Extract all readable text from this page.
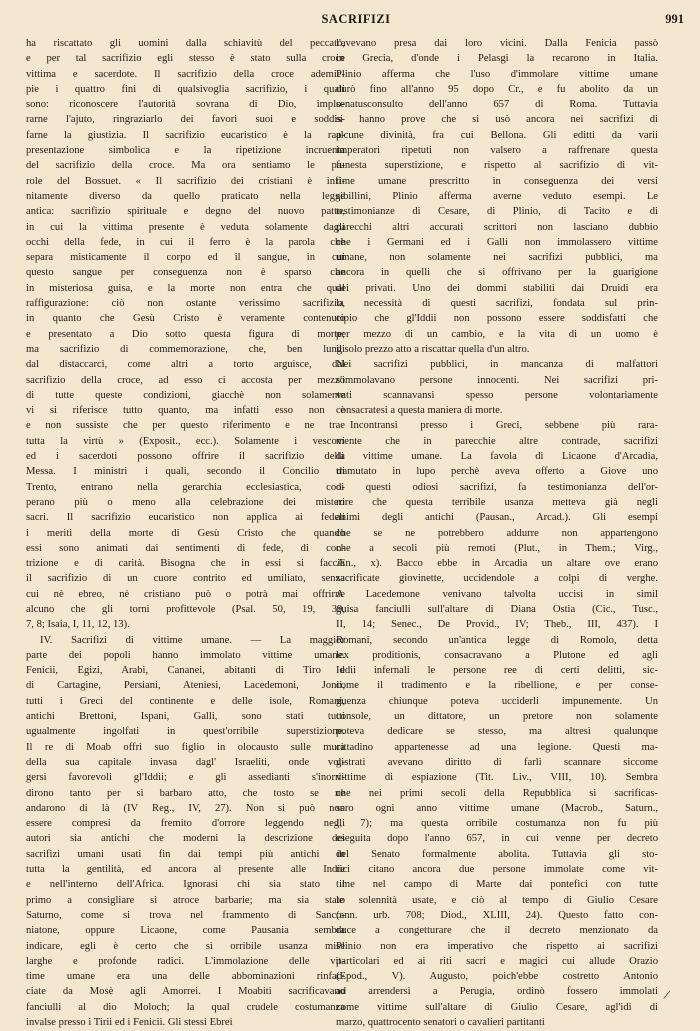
SACRIFIZI	991
ha riscattato gli uomini dalla schiavitù del peccato,
e per tal sacrifizio egli stesso è stato sulla croce
vittima e sacerdote. Il sacrifizio della croce ademie-
pie i quattro fini di qualsivoglia sacrifizio, i quali
sono: riconoscere l'autorità sovrana di Dio, implo-
rarne l'ajuto, ringraziarlo dei favori suoi e soddis-
farne la giustizia. Il sacrifizio eucaristico è la rap-
presentazione simbolica e la ripetizione incruenta
del sacrifizio della croce. Ma ora sentiamo le pa-
role del Bossuet. « Il sacrifizio dei cristiani è infi-
nitamente diverso da quello praticato nella legge
antica: sacrifizio spirituale e degno del nuovo patto,
in cui la vittima presente è veduta solamente dagli
occhi della fede, in cui il ferro è la parola che
separa misticamente il corpo ed il sangue, in cui
questo sangue per conseguenza non è sparso che
in misteriosa guisa, e la morte non entra che qual
raffigurazione: ciò non ostante verissimo sacrifizio,
in quanto che Gesù Cristo è veramente contenuto
e presentato a Dio sotto questa figura di morte;
ma sacrifizio di commemorazione, che, ben lungi
dal distaccarci, come altri a torto arguisce, dal
sacrifizio della croce, ad esso ci accosta per mezzo
di tutte queste condizioni, giacchè non solamente
vi si riferisce tutto quanto, ma infatti esso non è
e non sussiste che per questo riferimento e ne trae
tutta la virtù » (Exposit., ecc.). Solamente i vescovi
ed i sacerdoti possono offrire il sacrifizio della
Messa. I ministri i quali, secondo il Concilio di
Trento, entrano nella gerarchia ecclesiastica, coo-
perano più o meno alla celebrazione dei misteri
sacri. Il sacrifizio eucaristico non applica ai fedeli
i meriti della morte di Gesù Cristo che quando
essi sono animati dai sentimenti di fede, di con-
trizione e di carità. Bisogna che in essi si faccia
il sacrifizio di un cuore contrito ed umiliato, senza
cui nè ebreo, nè cristiano può o potrà mai offrirne
alcuno che gli torni profittevole (Psal. 50, 19, 39,
7, 8; Isaia, I, 11, 12, 13).
IV. Sacrifizi di vittime umane. — La maggior
parte dei popoli hanno immolato vittime umane.
Fenicii, Egizi, Arabi, Cananei, abitanti di Tiro e
di Cartagine, Persiani, Ateniesi, Lacedemoni, Jonii,
tutti i Greci del continente e delle isole, Romani,
antichi Brettoni, Ispani, Galli, sono stati tutti
ugualmente ingolfati in quest'orribile superstizione.
Il re di Moab offrì suo figlio in olocausto sulle mura
della sua capitale invasa dagl' Israeliti, onde vol-
gersi favorevoli gl'Iddii; e gli assedianti s'inorri-
dirono tanto per sì barbaro atto, che tosto se ne
andarono di là (IV Reg., IV, 27). Non si può non
essere compresi da fremito d'orrore leggendo negli
autori sia antichi che moderni la descrizione dei
sacrifizi umani usati fin dai tempi più antichi in
tutta la gentilità, ed ancora al presente alle Indie
e nell'interno dell'Africa. Ignorasi chi sia stato il
primo a consigliare sì atroce barbarie; ma sia stato
Saturno, come si trova nel frammento di Sanco-
niatone, oppure Licaone, come Pausania sembra
indicare, egli è certo che sì orribile usanza mise
larghe e profonde radici. L'immolazione delle vit-
time umane era una delle abbominazioni rinfac-
ciate da Mosè agli Amorrei. I Moabiti sacrificavano
fanciulli al dio Moloch; la qual crudele costumanza
invalse presso i Tirii ed i Fenicii. Gli stessi Ebrei
l'avevano presa dai loro vicini. Dalla Fenicia passò
in Grecia, d'onde i Pelasgi la recarono in Italia.
Plinio afferma che l'uso d'immolare vittime umane
durò fino all'anno 95 dopo Cr., e fu abolito da un
senatusconsulto dell'anno 657 di Roma. Tuttavia
si hanno prove che si usò ancora nei sacrifizi di
alcune divinità, fra cui Bellona. Gli editti da varii
imperatori ripetuti non valsero a raffrenare questa
funesta superstizione, e rispetto al sacrifizio di vit-
time umane prescritto in conseguenza dei versi
sibillini, Plinio afferma averne veduto esempi. Le
testimonianze di Cesare, di Plinio, di Tacito e di
parecchi altri accurati scrittori non lasciano dubbio
che i Germani ed i Galli non immolassero vittime
umane, non solamente nei sacrifizi pubblici, ma
ancora in quelli che si offrivano per la guarigione
dei privati. Uno dei dommi stabiliti dai Druidi era
la necessità di questi sacrifizi, fondata sul prin-
cipio che gl'Iddii non possono essere soddisfatti che
per mezzo di un cambio, e la vita di un uomo è
il solo prezzo atto a riscattar quella d'un altro.
Nei sacrifizi pubblici, in mancanza di malfattori
s'immolavano persone innocenti. Nei sacrifizi pri-
vati scannavansi spesso persone volontariamente
consacratesi a questa maniera di morte.
Incontransi presso i Greci, sebbene più rara-
mente che in parecchie altre contrade, sacrifizi
di vittime umane. La favola di Licaone d'Arcadia,
tramutato in lupo perchè aveva offerto a Giove uno
di questi odiosi sacrifizi, fa testimonianza dell'or-
rore che questa terribile usanza metteva già negli
animi degli antichi (Pausan., Arcad.). Gli esempi
che se ne potrebbero addurre non appartengono
che a secoli più remoti (Plut., in Them.; Virg.,
Æn., x). Bacco ebbe in Arcadia un altare ove erano
sacrificate giovinette, uccidendole a colpi di verghe.
A Lacedemone venivano talvolta uccisi in simil
guisa fanciulli sull'altare di Diana Ostia (Cic., Tusc.,
II, 14; Senec., De Provid., IV; Theb., III, 437). I
Romani, secondo un'antica legge di Romolo, detta
lex proditionis, consacravano a Plutone ed agli
Iddii infernali le persone ree di certi delitti, sic-
come il tradimento e la ribellione, e per conse-
guenza chiunque poteva ucciderli impunemente. Un
console, un dittatore, un pretore non solamente
poteva dedicare se stesso, ma altresì qualunque
cittadino appartenesse ad una legione. Questi ma-
gistrati avevano diritto di farli scannare siccome
vittime di espiazione (Tit. Liv., VIII, 10). Sembra
che nei primi secoli della Repubblica si sacrificas-
sero ogni anno vittime umane (Macrob., Saturn.,
I, 7); ma questa orribile costumanza non fu più
eseguita dopo l'anno 657, in cui venne per decreto
del Senato formalmente abolita. Tuttavia gli sto-
rici citano ancora due persone immolate come vit-
time nel campo di Marte dai pontefici con tutte
le solennità usate, e ciò al tempo di Giulio Cesare
(ann. urb. 708; Diod., XLIII, 24). Questo fatto con-
duce a congetturare che il decreto menzionato da
Plinio non era imperativo che rispetto ai sacrifizi
particolari ed ai riti sacri e magici cui allude Orazio
(Epod., V). Augusto, poich'ebbe costretto Antonio
ad arrendersi a Perugia, ordinò fossero immolati
come vittime sull'altare di Giulio Cesare, agl'idi di
marzo, quattrocento senatori o cavalieri partitanti
/
